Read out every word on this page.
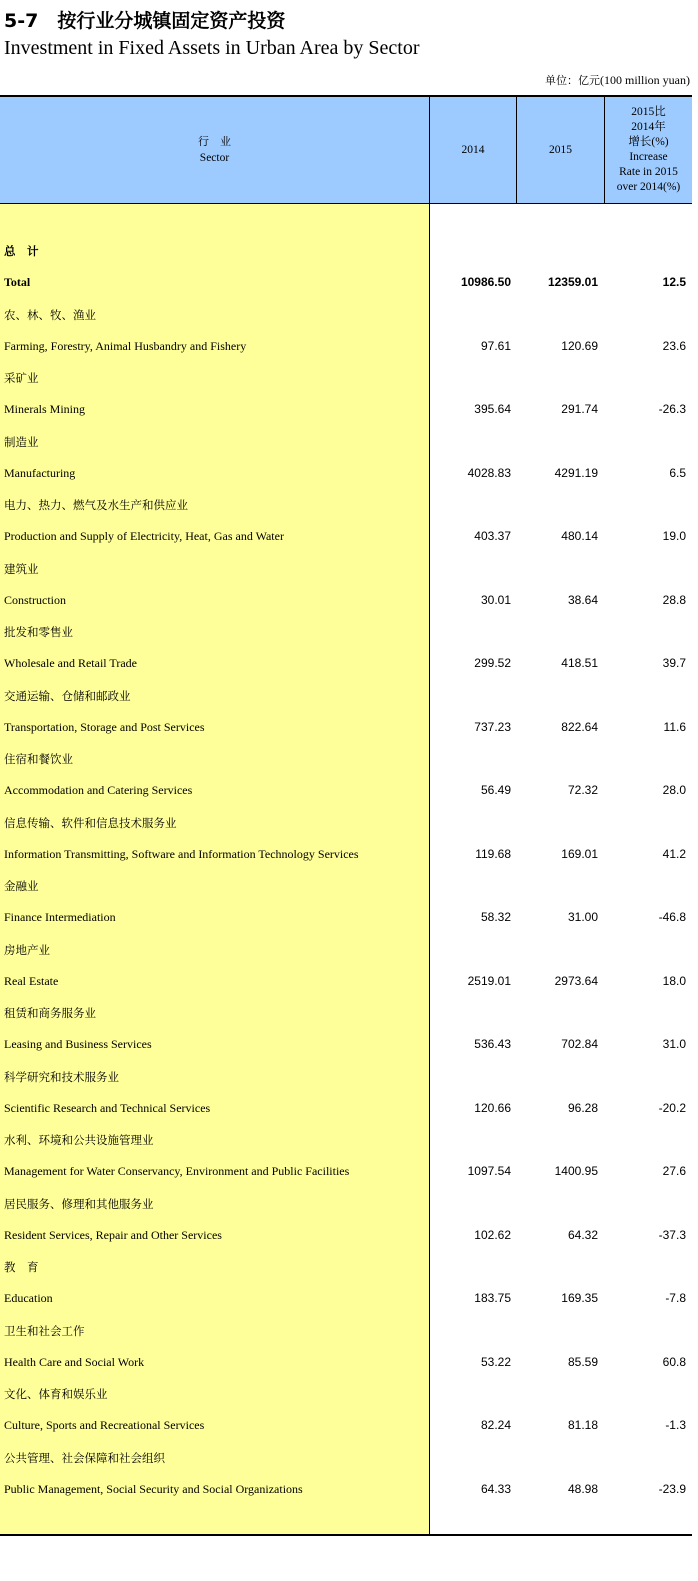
5-7　按行业分城镇固定资产投资
Investment in Fixed Assets in Urban Area by Sector
单位：亿元(100 million yuan)
行　业
Sector
2014	2015
2015比
2014年
增长(%)
Increase
Rate in 2015
over 2014(%)
总　计
Total	10986.50	12359.01	12.5
农、林、牧、渔业
Farming, Forestry, Animal Husbandry and Fishery	97.61	120.69	23.6
采矿业
Minerals Mining	395.64	291.74	-26.3
制造业
Manufacturing	4028.83	4291.19	6.5
电力、热力、燃气及水生产和供应业
Production and Supply of Electricity, Heat, Gas and Water	403.37	480.14	19.0
建筑业
Construction	30.01	38.64	28.8
批发和零售业
Wholesale and Retail Trade	299.52	418.51	39.7
交通运输、仓储和邮政业
Transportation, Storage and Post Services	737.23	822.64	11.6
住宿和餐饮业
Accommodation and Catering Services	56.49	72.32	28.0
信息传输、软件和信息技术服务业
Information Transmitting, Software and Information Technology Services	119.68	169.01	41.2
金融业
Finance Intermediation	58.32	31.00	-46.8
房地产业
Real Estate	2519.01	2973.64	18.0
租赁和商务服务业
Leasing and Business Services	536.43	702.84	31.0
科学研究和技术服务业
Scientific Research and Technical Services	120.66	96.28	-20.2
水利、环境和公共设施管理业
Management for Water Conservancy, Environment and Public Facilities	1097.54	1400.95	27.6
居民服务、修理和其他服务业
Resident Services, Repair and Other Services	102.62	64.32	-37.3
教　育
Education	183.75	169.35	-7.8
卫生和社会工作
Health Care and Social Work	53.22	85.59	60.8
文化、体育和娱乐业
Culture, Sports and Recreational Services	82.24	81.18	-1.3
公共管理、社会保障和社会组织
Public Management, Social Security and Social Organizations	64.33	48.98	-23.9
